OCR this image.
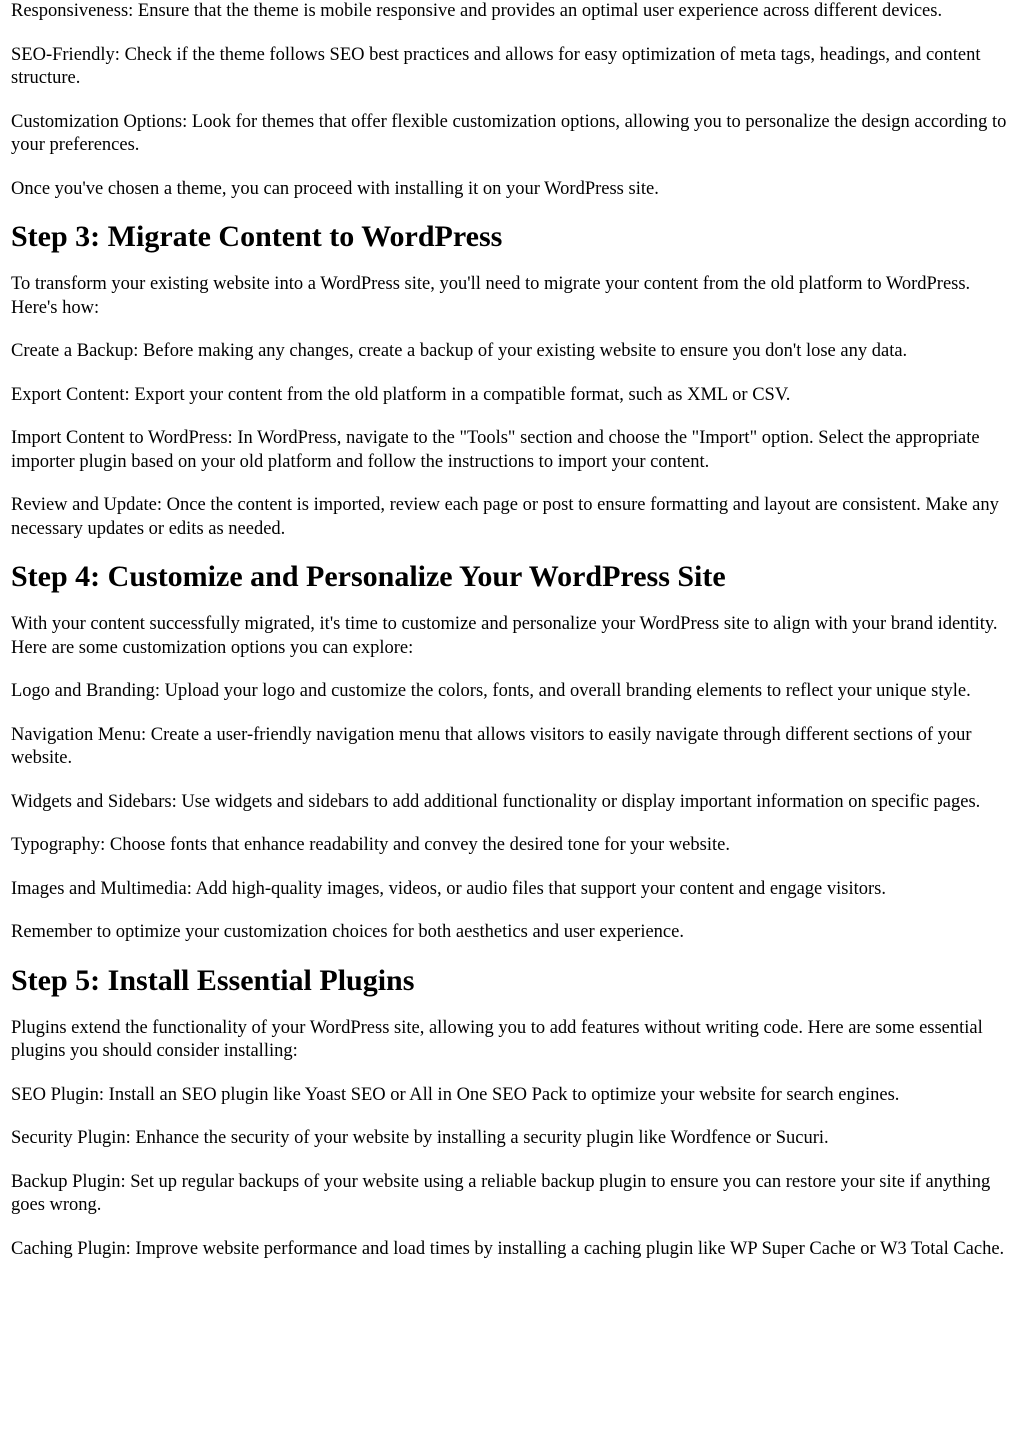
Responsiveness: Ensure that the theme is mobile responsive and provides an optimal user experience across different devices.

SEO-Friendly: Check if the theme follows SEO best practices and allows for easy optimization of meta tags, headings, and content structure.

Customization Options: Look for themes that offer flexible customization options, allowing you to personalize the design according to your preferences.

Once you've chosen a theme, you can proceed with installing it on your WordPress site.

Step 3: Migrate Content to WordPress

To transform your existing website into a WordPress site, you'll need to migrate your content from the old platform to WordPress. Here's how:

Create a Backup: Before making any changes, create a backup of your existing website to ensure you don't lose any data.

Export Content: Export your content from the old platform in a compatible format, such as XML or CSV.

Import Content to WordPress: In WordPress, navigate to the "Tools" section and choose the "Import" option. Select the appropriate importer plugin based on your old platform and follow the instructions to import your content.

Review and Update: Once the content is imported, review each page or post to ensure formatting and layout are consistent. Make any necessary updates or edits as needed.

Step 4: Customize and Personalize Your WordPress Site

With your content successfully migrated, it's time to customize and personalize your WordPress site to align with your brand identity. Here are some customization options you can explore:

Logo and Branding: Upload your logo and customize the colors, fonts, and overall branding elements to reflect your unique style.

Navigation Menu: Create a user-friendly navigation menu that allows visitors to easily navigate through different sections of your website.

Widgets and Sidebars: Use widgets and sidebars to add additional functionality or display important information on specific pages.

Typography: Choose fonts that enhance readability and convey the desired tone for your website.

Images and Multimedia: Add high-quality images, videos, or audio files that support your content and engage visitors.

Remember to optimize your customization choices for both aesthetics and user experience.

Step 5: Install Essential Plugins

Plugins extend the functionality of your WordPress site, allowing you to add features without writing code. Here are some essential plugins you should consider installing:

SEO Plugin: Install an SEO plugin like Yoast SEO or All in One SEO Pack to optimize your website for search engines.

Security Plugin: Enhance the security of your website by installing a security plugin like Wordfence or Sucuri.

Backup Plugin: Set up regular backups of your website using a reliable backup plugin to ensure you can restore your site if anything goes wrong.

Caching Plugin: Improve website performance and load times by installing a caching plugin like WP Super Cache or W3 Total Cache.
